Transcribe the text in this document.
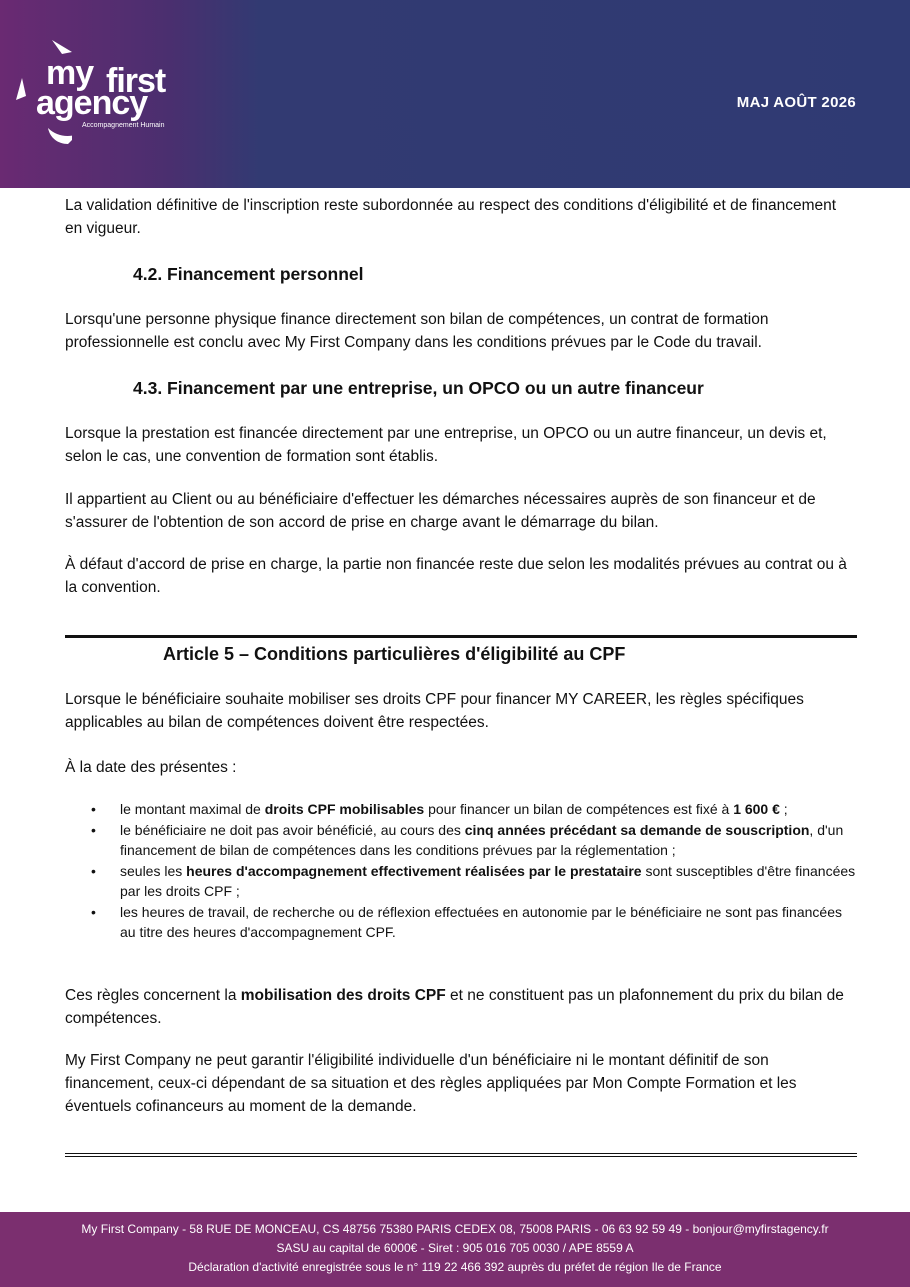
my first
agency
Accompagnement Humain
MAJ AOÛT 2026

La validation définitive de l'inscription reste subordonnée au respect des conditions d'éligibilité et de financement en vigueur.

4.2. Financement personnel

Lorsqu'une personne physique finance directement son bilan de compétences, un contrat de formation professionnelle est conclu avec My First Company dans les conditions prévues par le Code du travail.

4.3. Financement par une entreprise, un OPCO ou un autre financeur

Lorsque la prestation est financée directement par une entreprise, un OPCO ou un autre financeur, un devis et, selon le cas, une convention de formation sont établis.

Il appartient au Client ou au bénéficiaire d'effectuer les démarches nécessaires auprès de son financeur et de s'assurer de l'obtention de son accord de prise en charge avant le démarrage du bilan.

À défaut d'accord de prise en charge, la partie non financée reste due selon les modalités prévues au contrat ou à la convention.

Article 5 – Conditions particulières d'éligibilité au CPF

Lorsque le bénéficiaire souhaite mobiliser ses droits CPF pour financer MY CAREER, les règles spécifiques applicables au bilan de compétences doivent être respectées.

À la date des présentes :

• le montant maximal de droits CPF mobilisables pour financer un bilan de compétences est fixé à 1 600 € ;
• le bénéficiaire ne doit pas avoir bénéficié, au cours des cinq années précédant sa demande de souscription, d'un financement de bilan de compétences dans les conditions prévues par la réglementation ;
• seules les heures d'accompagnement effectivement réalisées par le prestataire sont susceptibles d'être financées par les droits CPF ;
• les heures de travail, de recherche ou de réflexion effectuées en autonomie par le bénéficiaire ne sont pas financées au titre des heures d'accompagnement CPF.

Ces règles concernent la mobilisation des droits CPF et ne constituent pas un plafonnement du prix du bilan de compétences.

My First Company ne peut garantir l'éligibilité individuelle d'un bénéficiaire ni le montant définitif de son financement, ceux-ci dépendant de sa situation et des règles appliquées par Mon Compte Formation et les éventuels cofinanceurs au moment de la demande.

My First Company - 58 RUE DE MONCEAU, CS 48756 75380 PARIS CEDEX 08, 75008 PARIS - 06 63 92 59 49 - bonjour@myfirstagency.fr
SASU au capital de 6000€ - Siret : 905 016 705 0030 / APE 8559 A
Déclaration d'activité enregistrée sous le n° 119 22 466 392 auprès du préfet de région Ile de France
